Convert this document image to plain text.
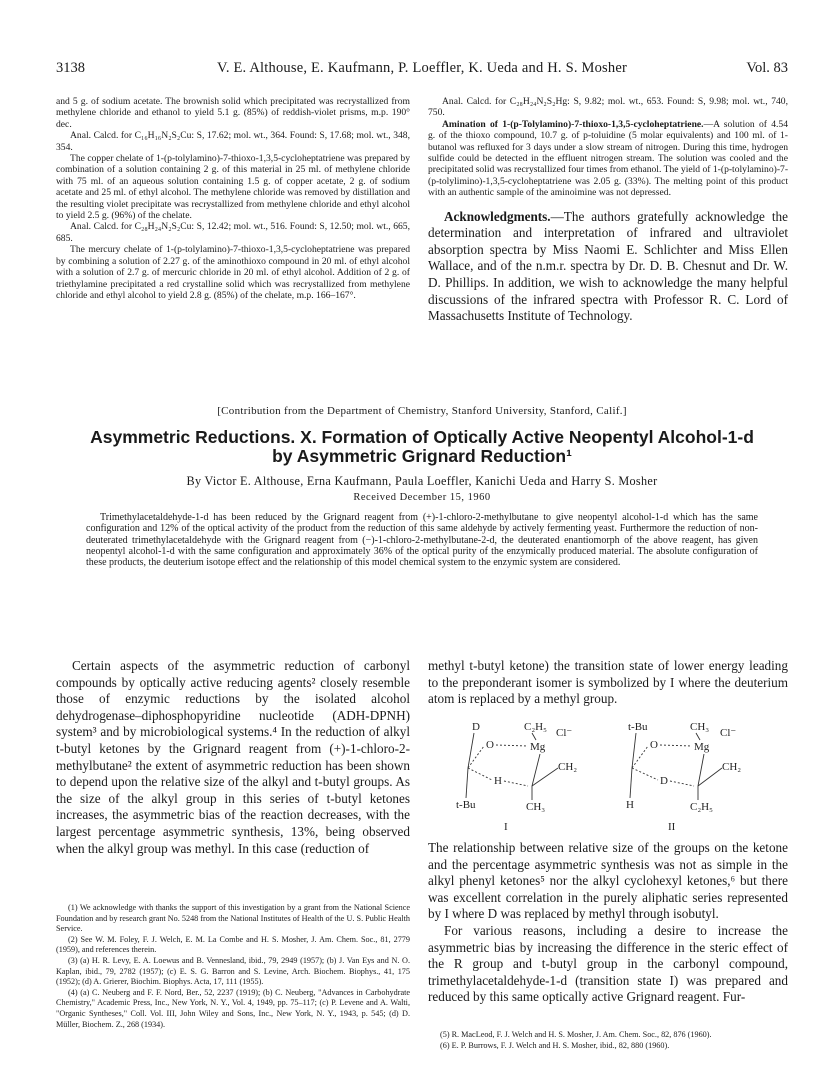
3138	V. E. Althouse, E. Kaufmann, P. Loeffler, K. Ueda and H. S. Mosher	Vol. 83

and 5 g. of sodium acetate. The brownish solid which precipitated was recrystallized from methylene chloride and ethanol to yield 5.1 g. (85%) of reddish-violet prisms, m.p. 190° dec.

Anal. Calcd. for C₁₆H₁₆N₂S₂Cu: S, 17.62; mol. wt., 364. Found: S, 17.68; mol. wt., 348, 354.

The copper chelate of 1-(p-tolylamino)-7-thioxo-1,3,5-cycloheptatriene was prepared by combination of a solution containing 2 g. of this material in 25 ml. of methylene chloride with 75 ml. of an aqueous solution containing 1.5 g. of copper acetate, 2 g. of sodium acetate and 25 ml. of ethyl alcohol. The methylene chloride was removed by distillation and the resulting violet precipitate was recrystallized from methylene chloride and ethyl alcohol to yield 2.5 g. (96%) of the chelate.

Anal. Calcd. for C₂₈H₂₄N₂S₂Cu: S, 12.42; mol. wt., 516. Found: S, 12.50; mol. wt., 665, 685.

The mercury chelate of 1-(p-tolylamino)-7-thioxo-1,3,5-cycloheptatriene was prepared by combining a solution of 2.27 g. of the aminothioxo compound in 20 ml. of ethyl alcohol with a solution of 2.7 g. of mercuric chloride in 20 ml. of ethyl alcohol. Addition of 2 g. of triethylamine precipitated a red crystalline solid which was recrystallized from methylene chloride and ethyl alcohol to yield 2.8 g. (85%) of the chelate, m.p. 166–167°.

Anal. Calcd. for C₂₈H₂₄N₂S₂Hg: S, 9.82; mol. wt., 653. Found: S, 9.98; mol. wt., 740, 750.

Amination of 1-(p-Tolylamino)-7-thioxo-1,3,5-cycloheptatriene.—A solution of 4.54 g. of the thioxo compound, 10.7 g. of p-toluidine (5 molar equivalents) and 100 ml. of 1-butanol was refluxed for 3 days under a slow stream of nitrogen. During this time, hydrogen sulfide could be detected in the effluent nitrogen stream. The solution was cooled and the precipitated solid was recrystallized four times from ethanol. The yield of 1-(p-tolylamino)-7-(p-tolylimino)-1,3,5-cycloheptatriene was 2.05 g. (33%). The melting point of this product with an authentic sample of the aminoimine was not depressed.

Acknowledgments.—The authors gratefully acknowledge the determination and interpretation of infrared and ultraviolet absorption spectra by Miss Naomi E. Schlichter and Miss Ellen Wallace, and of the n.m.r. spectra by Dr. D. B. Chesnut and Dr. W. D. Phillips. In addition, we wish to acknowledge the many helpful discussions of the infrared spectra with Professor R. C. Lord of Massachusetts Institute of Technology.

[Contribution from the Department of Chemistry, Stanford University, Stanford, Calif.]
Asymmetric Reductions. X. Formation of Optically Active Neopentyl Alcohol-1-d
by Asymmetric Grignard Reduction¹
By Victor E. Althouse, Erna Kaufmann, Paula Loeffler, Kanichi Ueda and Harry S. Mosher
Received December 15, 1960

Trimethylacetaldehyde-1-d has been reduced by the Grignard reagent from (+)-1-chloro-2-methylbutane to give neopentyl alcohol-1-d which has the same configuration and 12% of the optical activity of the product from the reduction of this same aldehyde by actively fermenting yeast. Furthermore the reduction of non-deuterated trimethylacetaldehyde with the Grignard reagent from (−)-1-chloro-2-methylbutane-2-d, the deuterated enantiomorph of the above reagent, has given neopentyl alcohol-1-d with the same configuration and approximately 36% of the optical purity of the enzymically produced material. The absolute configuration of these products, the deuterium isotope effect and the relationship of this model chemical system to the enzymic system are considered.

Certain aspects of the asymmetric reduction of carbonyl compounds by optically active reducing agents² closely resemble those of enzymic reductions by the isolated alcohol dehydrogenase–diphosphopyridine nucleotide (ADH-DPNH) system³ and by microbiological systems.⁴ In the reduction of alkyl t-butyl ketones by the Grignard reagent from (+)-1-chloro-2-methylbutane² the extent of asymmetric reduction has been shown to depend upon the relative size of the alkyl and t-butyl groups. As the size of the alkyl group in this series of t-butyl ketones increases, the asymmetric bias of the reaction decreases, with the largest percentage asymmetric synthesis, 13%, being observed when the alkyl group was methyl. In this case (reduction of

(1) We acknowledge with thanks the support of this investigation by a grant from the National Science Foundation and by research grant No. 5248 from the National Institutes of Health of the U. S. Public Health Service.

(2) See W. M. Foley, F. J. Welch, E. M. La Combe and H. S. Mosher, J. Am. Chem. Soc., 81, 2779 (1959), and references therein.

(3) (a) H. R. Levy, E. A. Loewus and B. Vennesland, ibid., 79, 2949 (1957); (b) J. Van Eys and N. O. Kaplan, ibid., 79, 2782 (1957); (c) E. S. G. Barron and S. Levine, Arch. Biochem. Biophys., 41, 175 (1952); (d) A. Grierer, Biochim. Biophys. Acta, 17, 111 (1955).

(4) (a) C. Neuberg and F. F. Nord, Ber., 52, 2237 (1919); (b) C. Neuberg, "Advances in Carbohydrate Chemistry," Academic Press, Inc., New York, N. Y., Vol. 4, 1949, pp. 75–117; (c) P. Levene and A. Walti, "Organic Syntheses," Coll. Vol. III, John Wiley and Sons, Inc., New York, N. Y., 1943, p. 545; (d) D. Müller, Biochem. Z., 268 (1934).

methyl t-butyl ketone) the transition state of lower energy leading to the preponderant isomer is symbolized by I where the deuterium atom is replaced by a methyl group.

D	C₂H₅ Cl⁻
O	Mg
CH₂
H
t-Bu	CH₃
I
t-Bu	CH₃ Cl⁻
O	Mg
CH₂
D
H	C₂H₅
II

The relationship between relative size of the groups on the ketone and the percentage asymmetric synthesis was not as simple in the alkyl phenyl ketones⁵ nor the alkyl cyclohexyl ketones,⁶ but there was excellent correlation in the purely aliphatic series represented by I where D was replaced by methyl through isobutyl.

For various reasons, including a desire to increase the asymmetric bias by increasing the difference in the steric effect of the R group and t-butyl group in the carbonyl compound, trimethylacetaldehyde-1-d (transition state I) was prepared and reduced by this same optically active Grignard reagent. Fur-

(5) R. MacLeod, F. J. Welch and H. S. Mosher, J. Am. Chem. Soc., 82, 876 (1960).

(6) E. P. Burrows, F. J. Welch and H. S. Mosher, ibid., 82, 880 (1960).
